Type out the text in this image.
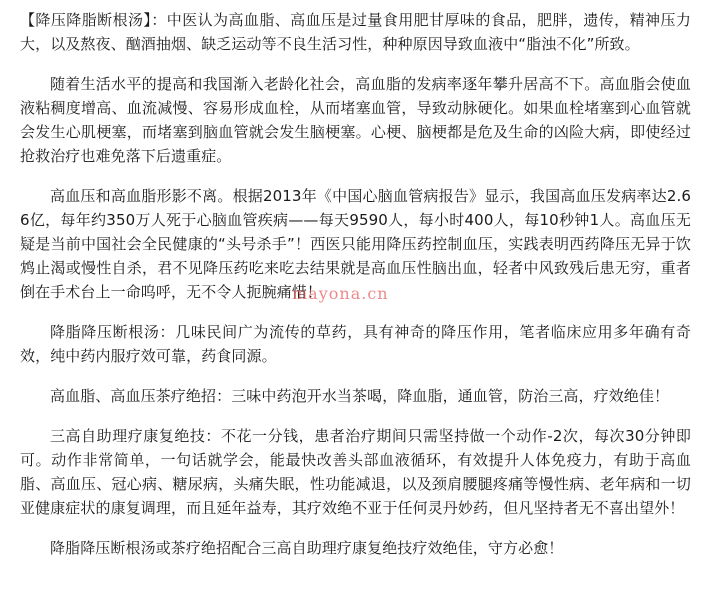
【降压降脂断根汤】：中医认为高血脂、高血压是过量食用肥甘厚味的食品，肥胖，遗传，精神压力大，以及熬夜、酗酒抽烟、缺乏运动等不良生活习性，种种原因导致血液中“脂浊不化”所致。

随着生活水平的提高和我国渐入老龄化社会，高血脂的发病率逐年攀升居高不下。高血脂会使血液粘稠度增高、血流减慢、容易形成血栓，从而堵塞血管，导致动脉硬化。如果血栓堵塞到心血管就会发生心肌梗塞，而堵塞到脑血管就会发生脑梗塞。心梗、脑梗都是危及生命的凶险大病，即使经过抢救治疗也难免落下后遗重症。

高血压和高血脂形影不离。根据2013年《中国心脑血管病报告》显示，我国高血压发病率达2.66亿，每年约350万人死于心脑血管疾病——每天9590人，每小时400人，每10秒钟1人。高血压无疑是当前中国社会全民健康的“头号杀手”！西医只能用降压药控制血压，实践表明西药降压无异于饮鸩止渴或慢性自杀，君不见降压药吃来吃去结果就是高血压性脑出血，轻者中风致残后患无穷，重者倒在手术台上一命呜呼，无不令人扼腕痛惜！

降脂降压断根汤：几味民间广为流传的草药，具有神奇的降压作用，笔者临床应用多年确有奇效，纯中药内服疗效可靠，药食同源。

高血脂、高血压茶疗绝招：三味中药泡开水当茶喝，降血脂，通血管，防治三高，疗效绝佳！

三高自助理疗康复绝技：不花一分钱，患者治疗期间只需坚持做一个动作-2次，每次30分钟即可。动作非常简单，一句话就学会，能最快改善头部血液循环，有效提升人体免疫力，有助于高血脂、高血压、冠心病、糖尿病，头痛失眠，性功能减退，以及颈肩腰腿疼痛等慢性病、老年病和一切亚健康症状的康复调理，而且延年益寿，其疗效绝不亚于任何灵丹妙药，但凡坚持者无不喜出望外！

降脂降压断根汤或茶疗绝招配合三高自助理疗康复绝技疗效绝佳，守方必愈！

mayona.cn
